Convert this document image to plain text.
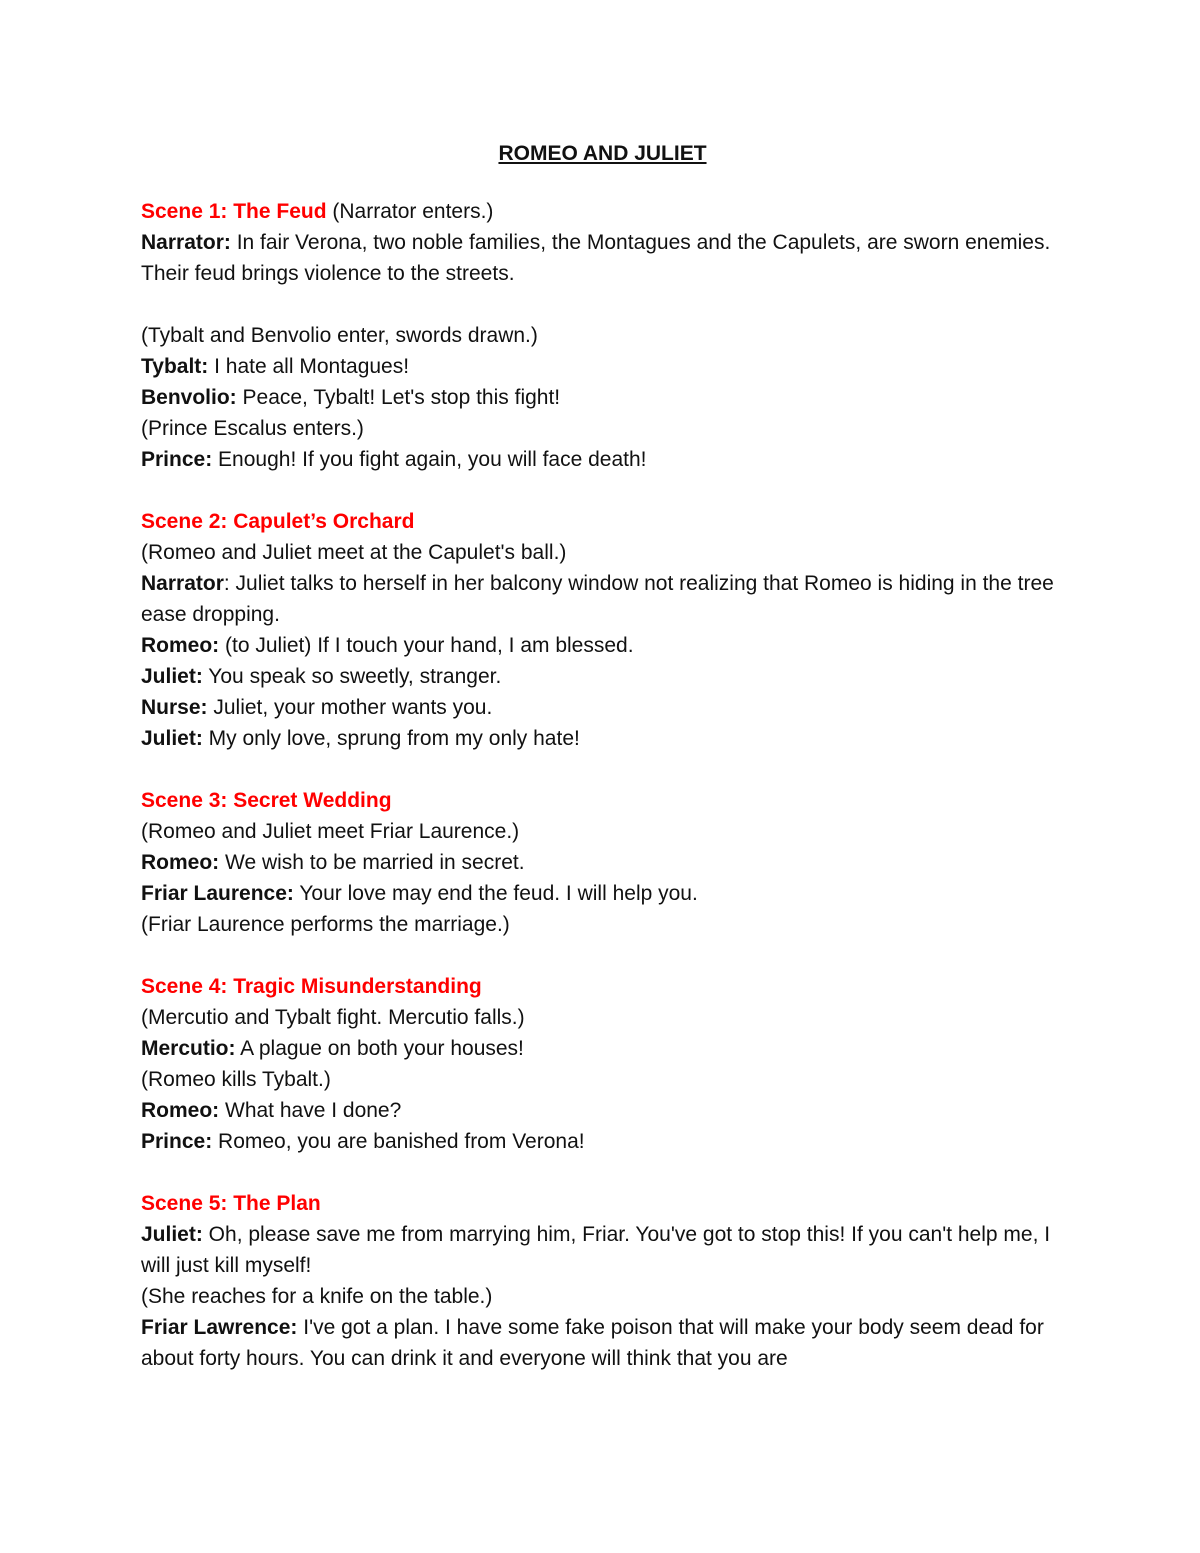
ROMEO AND JULIET

Scene 1: The Feud (Narrator enters.)

Narrator: In fair Verona, two noble families, the Montagues and the Capulets, are sworn enemies. Their feud brings violence to the streets.

(Tybalt and Benvolio enter, swords drawn.)

Tybalt: I hate all Montagues!

Benvolio: Peace, Tybalt! Let's stop this fight!

(Prince Escalus enters.)

Prince: Enough! If you fight again, you will face death!

Scene 2: Capulet’s Orchard

(Romeo and Juliet meet at the Capulet's ball.)

Narrator: Juliet talks to herself in her balcony window not realizing that Romeo is hiding in the tree ease dropping.

Romeo: (to Juliet) If I touch your hand, I am blessed.

Juliet: You speak so sweetly, stranger.

Nurse: Juliet, your mother wants you.

Juliet: My only love, sprung from my only hate!

Scene 3: Secret Wedding

(Romeo and Juliet meet Friar Laurence.)

Romeo: We wish to be married in secret.

Friar Laurence: Your love may end the feud. I will help you.

(Friar Laurence performs the marriage.)

Scene 4: Tragic Misunderstanding

(Mercutio and Tybalt fight. Mercutio falls.)

Mercutio: A plague on both your houses!

(Romeo kills Tybalt.)

Romeo: What have I done?

Prince: Romeo, you are banished from Verona!

Scene 5: The Plan

Juliet: Oh, please save me from marrying him, Friar. You've got to stop this! If you can't help me, I will just kill myself!

(She reaches for a knife on the table.)

Friar Lawrence: I've got a plan. I have some fake poison that will make your body seem dead for about forty hours. You can drink it and everyone will think that you are
